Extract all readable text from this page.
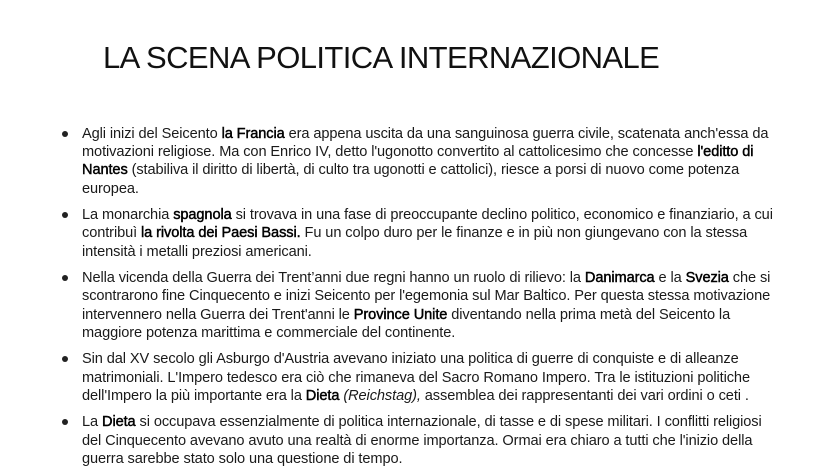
LA SCENA POLITICA INTERNAZIONALE
Agli inizi del Seicento la Francia era appena uscita da una sanguinosa guerra civile, scatenata anch'essa da motivazioni religiose. Ma con Enrico IV, detto l'ugonotto convertito al cattolicesimo che concesse l'editto di Nantes (stabiliva il diritto di libertà, di culto tra ugonotti e cattolici), riesce a porsi di nuovo come potenza europea.
La monarchia spagnola si trovava in una fase di preoccupante declino politico, economico e finanziario, a cui contribuì la rivolta dei Paesi Bassi. Fu un colpo duro per le finanze e in più non giungevano con la stessa intensità i metalli preziosi americani.
Nella vicenda della Guerra dei Trent’anni due regni hanno un ruolo di rilievo: la Danimarca e la Svezia che si scontrarono fine Cinquecento e inizi Seicento per l'egemonia sul Mar Baltico. Per questa stessa motivazione intervennero nella Guerra dei Trent'anni le Province Unite diventando nella prima metà del Seicento la maggiore potenza marittima e commerciale del continente.
Sin dal XV secolo gli Asburgo d'Austria avevano iniziato una politica di guerre di conquiste e di alleanze matrimoniali. L'Impero tedesco era ciò che rimaneva del Sacro Romano Impero. Tra le istituzioni politiche dell'Impero la più importante era la Dieta (Reichstag), assemblea dei rappresentanti dei vari ordini o ceti .
La Dieta si occupava essenzialmente di politica internazionale, di tasse e di spese militari. I conflitti religiosi del Cinquecento avevano avuto una realtà di enorme importanza. Ormai era chiaro a tutti che l'inizio della guerra sarebbe stato solo una questione di tempo.
